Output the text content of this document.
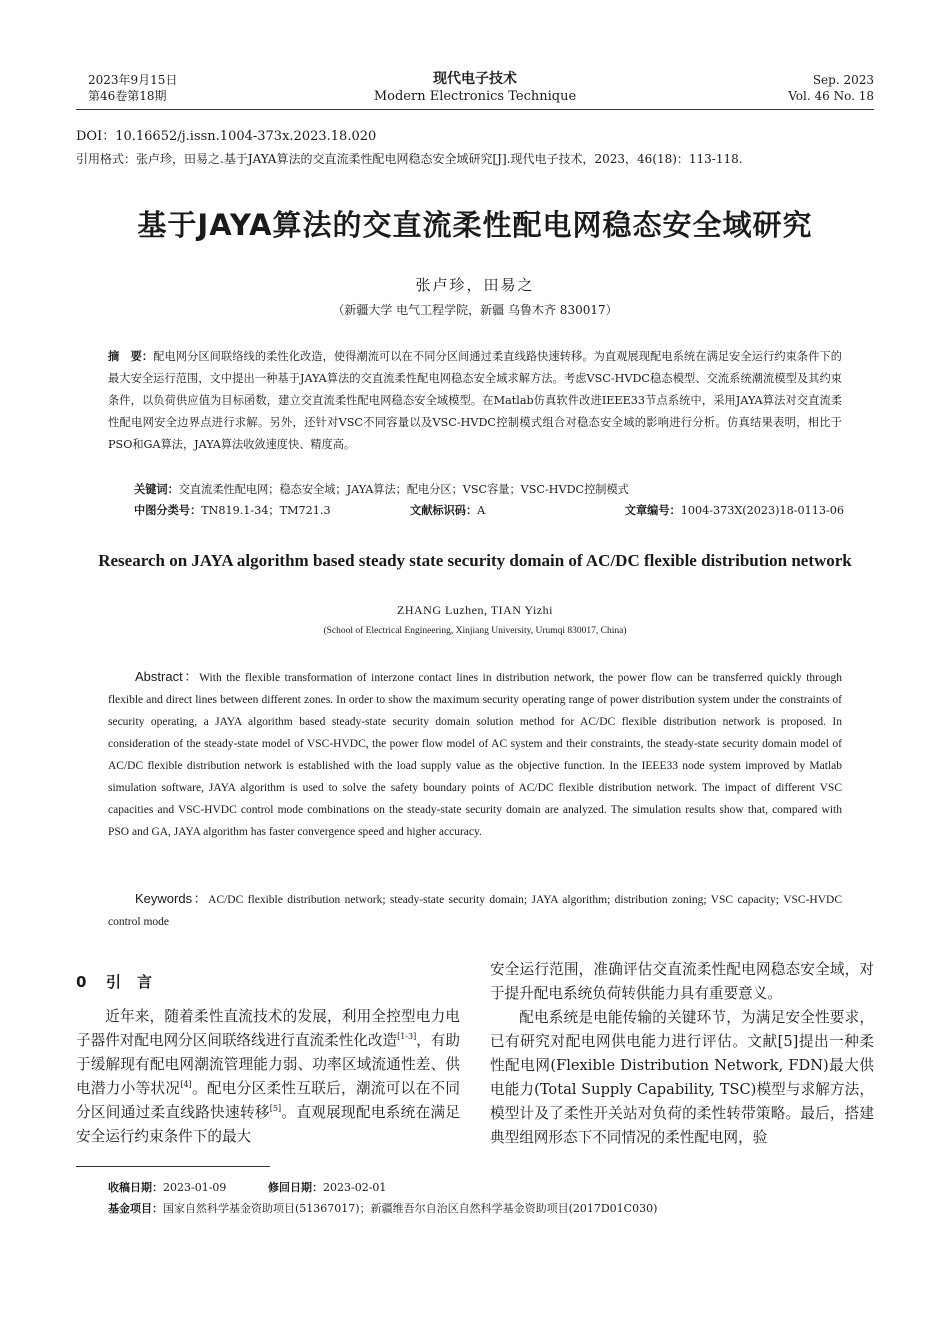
2023年9月15日
第46卷第18期
现代电子技术
Modern Electronics Technique
Sep. 2023
Vol. 46 No. 18
DOI：10.16652/j.issn.1004-373x.2023.18.020
引用格式：张卢珍，田易之.基于JAYA算法的交直流柔性配电网稳态安全域研究[J].现代电子技术，2023，46(18)：113-118.
基于JAYA算法的交直流柔性配电网稳态安全域研究
张卢珍，田易之
（新疆大学 电气工程学院，新疆 乌鲁木齐 830017）
摘　要：配电网分区间联络线的柔性化改造，使得潮流可以在不同分区间通过柔直线路快速转移。为直观展现配电系统在满足安全运行约束条件下的最大安全运行范围，文中提出一种基于JAYA算法的交直流柔性配电网稳态安全域求解方法。考虑VSC-HVDC稳态模型、交流系统潮流模型及其约束条件，以负荷供应值为目标函数，建立交直流柔性配电网稳态安全域模型。在Matlab仿真软件改进IEEE33节点系统中，采用JAYA算法对交直流柔性配电网安全边界点进行求解。另外，还针对VSC不同容量以及VSC-HVDC控制模式组合对稳态安全域的影响进行分析。仿真结果表明，相比于PSO和GA算法，JAYA算法收敛速度快、精度高。
关键词：交直流柔性配电网；稳态安全域；JAYA算法；配电分区；VSC容量；VSC-HVDC控制模式
中图分类号：TN819.1-34；TM721.3	文献标识码：A	文章编号：1004-373X(2023)18-0113-06
Research on JAYA algorithm based steady state security domain of AC/DC flexible distribution network
ZHANG Luzhen, TIAN Yizhi
(School of Electrical Engineering, Xinjiang University, Urumqi 830017, China)
Abstract：With the flexible transformation of interzone contact lines in distribution network, the power flow can be transferred quickly through flexible and direct lines between different zones. In order to show the maximum security operating range of power distribution system under the constraints of security operating, a JAYA algorithm based steady-state security domain solution method for AC/DC flexible distribution network is proposed. In consideration of the steady-state model of VSC-HVDC, the power flow model of AC system and their constraints, the steady-state security domain model of AC/DC flexible distribution network is established with the load supply value as the objective function. In the IEEE33 node system improved by Matlab simulation software, JAYA algorithm is used to solve the safety boundary points of AC/DC flexible distribution network. The impact of different VSC capacities and VSC-HVDC control mode combinations on the steady-state security domain are analyzed. The simulation results show that, compared with PSO and GA, JAYA algorithm has faster convergence speed and higher accuracy.
Keywords：AC/DC flexible distribution network; steady-state security domain; JAYA algorithm; distribution zoning; VSC capacity; VSC-HVDC control mode
0 引言

近年来，随着柔性直流技术的发展，利用全控型电力电子器件对配电网分区间联络线进行直流柔性化改造[1-3]，有助于缓解现有配电网潮流管理能力弱、功率区域流通性差、供电潜力小等状况[4]。配电分区柔性互联后，潮流可以在不同分区间通过柔直线路快速转移[5]。直观展现配电系统在满足安全运行约束条件下的最大

安全运行范围，准确评估交直流柔性配电网稳态安全域，对于提升配电系统负荷转供能力具有重要意义。

配电系统是电能传输的关键环节，为满足安全性要求，已有研究对配电网供电能力进行评估。文献[5]提出一种柔性配电网(Flexible Distribution Network, FDN)最大供电能力(Total Supply Capability, TSC)模型与求解方法，模型计及了柔性开关站对负荷的柔性转带策略。最后，搭建典型组网形态下不同情况的柔性配电网，验

收稿日期：2023-01-09	修回日期：2023-02-01
基金项目：国家自然科学基金资助项目(51367017)；新疆维吾尔自治区自然科学基金资助项目(2017D01C030)
